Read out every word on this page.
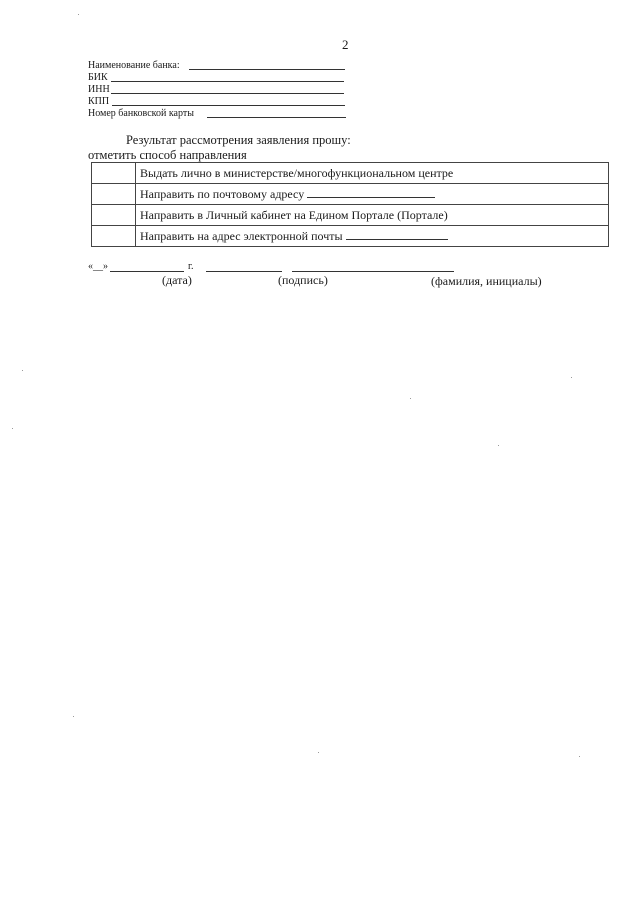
2
Наименование банка:
БИК
ИНН
КПП
Номер банковской карты
Результат рассмотрения заявления прошу:
отметить способ направления
	Выдать лично в министерстве/многофункциональном центре
	Направить по почтовому адресу
	Направить в Личный кабинет на Едином Портале (Портале)
	Направить на адрес электронной почты
«__»	г.
(дата)	(подпись)	(фамилия, инициалы)
